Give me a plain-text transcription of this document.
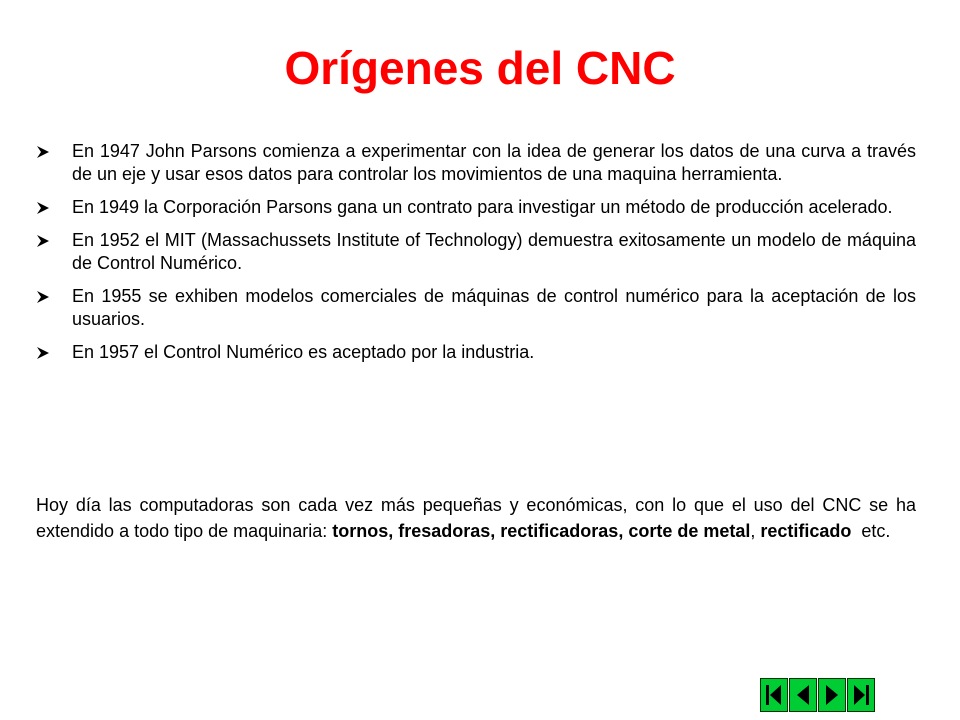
Orígenes del CNC
En 1947 John Parsons comienza a experimentar con la idea de generar los datos de una curva a través de un eje y usar esos datos para controlar los movimientos de una maquina herramienta.
En 1949 la Corporación Parsons gana un contrato para investigar un método de producción acelerado.
En 1952 el MIT (Massachussets Institute of Technology) demuestra exitosamente un modelo de máquina de Control Numérico.
En 1955 se exhiben modelos comerciales de máquinas de control numérico para la aceptación de los usuarios.
En 1957 el Control Numérico es aceptado por la industria.

Hoy día las computadoras son cada vez más pequeñas y económicas, con lo que el uso del CNC se ha extendido a todo tipo de maquinaria: tornos, fresadoras, rectificadoras, corte de metal, rectificado  etc.
